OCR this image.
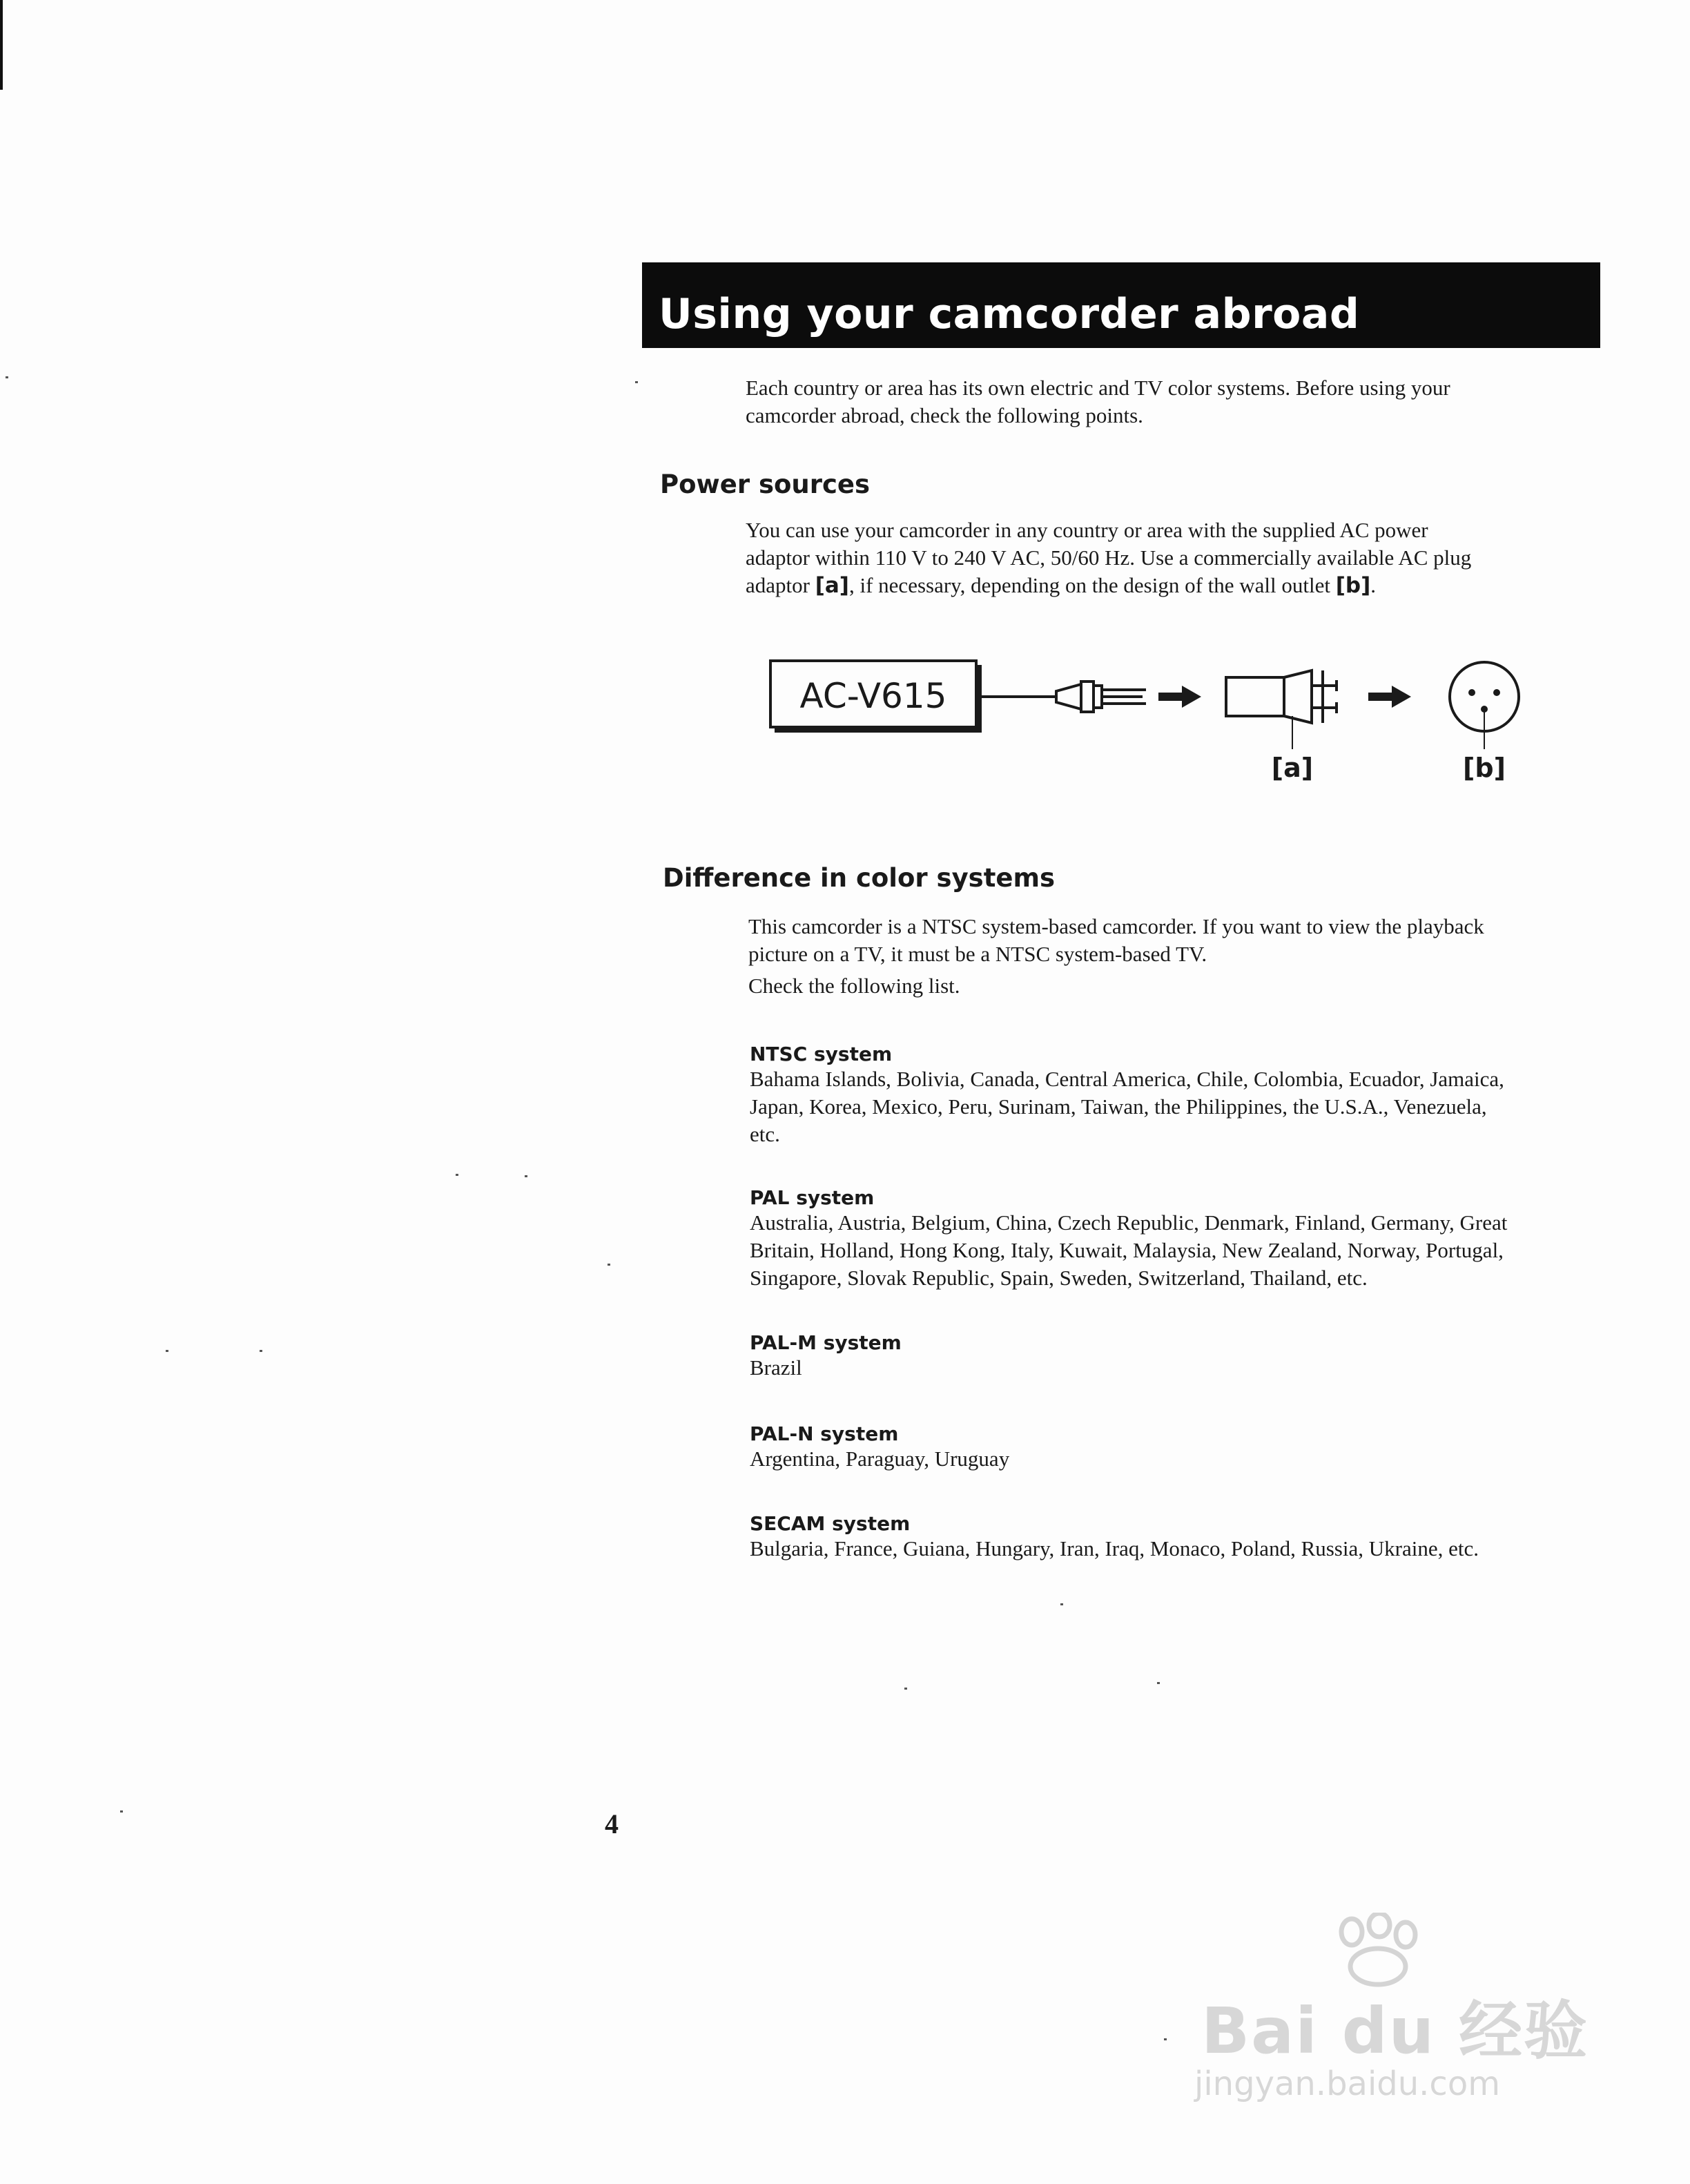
Using your camcorder abroad
Each country or area has its own electric and TV color systems. Before using your
camcorder abroad, check the following points.
Power sources
You can use your camcorder in any country or area with the supplied AC power
adaptor within 110 V to 240 V AC, 50/60 Hz. Use a commercially available AC plug
adaptor [a], if necessary, depending on the design of the wall outlet [b].
AC-V615
[a]	[b]
Difference in color systems
This camcorder is a NTSC system-based camcorder. If you want to view the playback
picture on a TV, it must be a NTSC system-based TV.
Check the following list.
NTSC system
Bahama Islands, Bolivia, Canada, Central America, Chile, Colombia, Ecuador, Jamaica,
Japan, Korea, Mexico, Peru, Surinam, Taiwan, the Philippines, the U.S.A., Venezuela,
etc.
PAL system
Australia, Austria, Belgium, China, Czech Republic, Denmark, Finland, Germany, Great
Britain, Holland, Hong Kong, Italy, Kuwait, Malaysia, New Zealand, Norway, Portugal,
Singapore, Slovak Republic, Spain, Sweden, Switzerland, Thailand, etc.
PAL-M system
Brazil
PAL-N system
Argentina, Paraguay, Uruguay
SECAM system
Bulgaria, France, Guiana, Hungary, Iran, Iraq, Monaco, Poland, Russia, Ukraine, etc.
4
Bai du 经验
jingyan.baidu.com
